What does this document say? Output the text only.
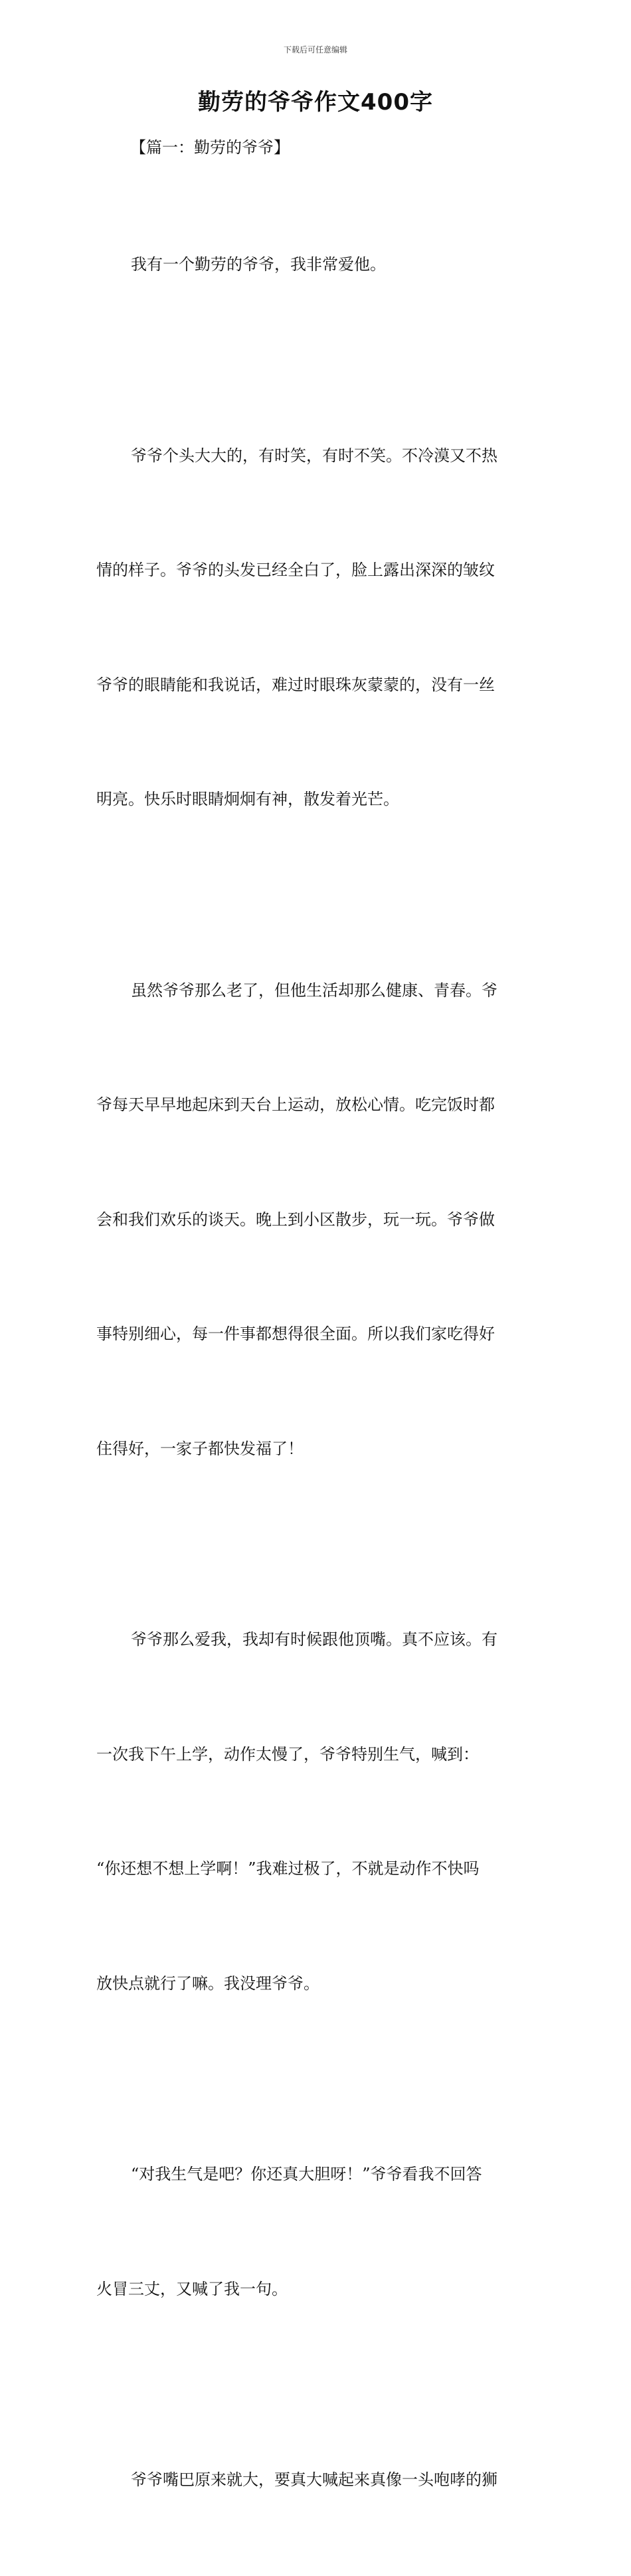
下载后可任意编辑
勤劳的爷爷作文400字
【篇一：勤劳的爷爷】

我有一个勤劳的爷爷，我非常爱他。

爷爷个头大大的，有时笑，有时不笑。不冷漠又不热

情的样子。爷爷的头发已经全白了，脸上露出深深的皱纹

爷爷的眼睛能和我说话，难过时眼珠灰蒙蒙的，没有一丝

明亮。快乐时眼睛炯炯有神，散发着光芒。

虽然爷爷那么老了，但他生活却那么健康、青春。爷

爷每天早早地起床到天台上运动，放松心情。吃完饭时都

会和我们欢乐的谈天。晚上到小区散步，玩一玩。爷爷做

事特别细心，每一件事都想得很全面。所以我们家吃得好

住得好，一家子都快发福了！

爷爷那么爱我，我却有时候跟他顶嘴。真不应该。有

一次我下午上学，动作太慢了，爷爷特别生气，喊到：

“你还想不想上学啊！”我难过极了，不就是动作不快吗

放快点就行了嘛。我没理爷爷。

“对我生气是吧？你还真大胆呀！”爷爷看我不回答

火冒三丈，又喊了我一句。

爷爷嘴巴原来就大，要真大喊起来真像一头咆哮的狮
